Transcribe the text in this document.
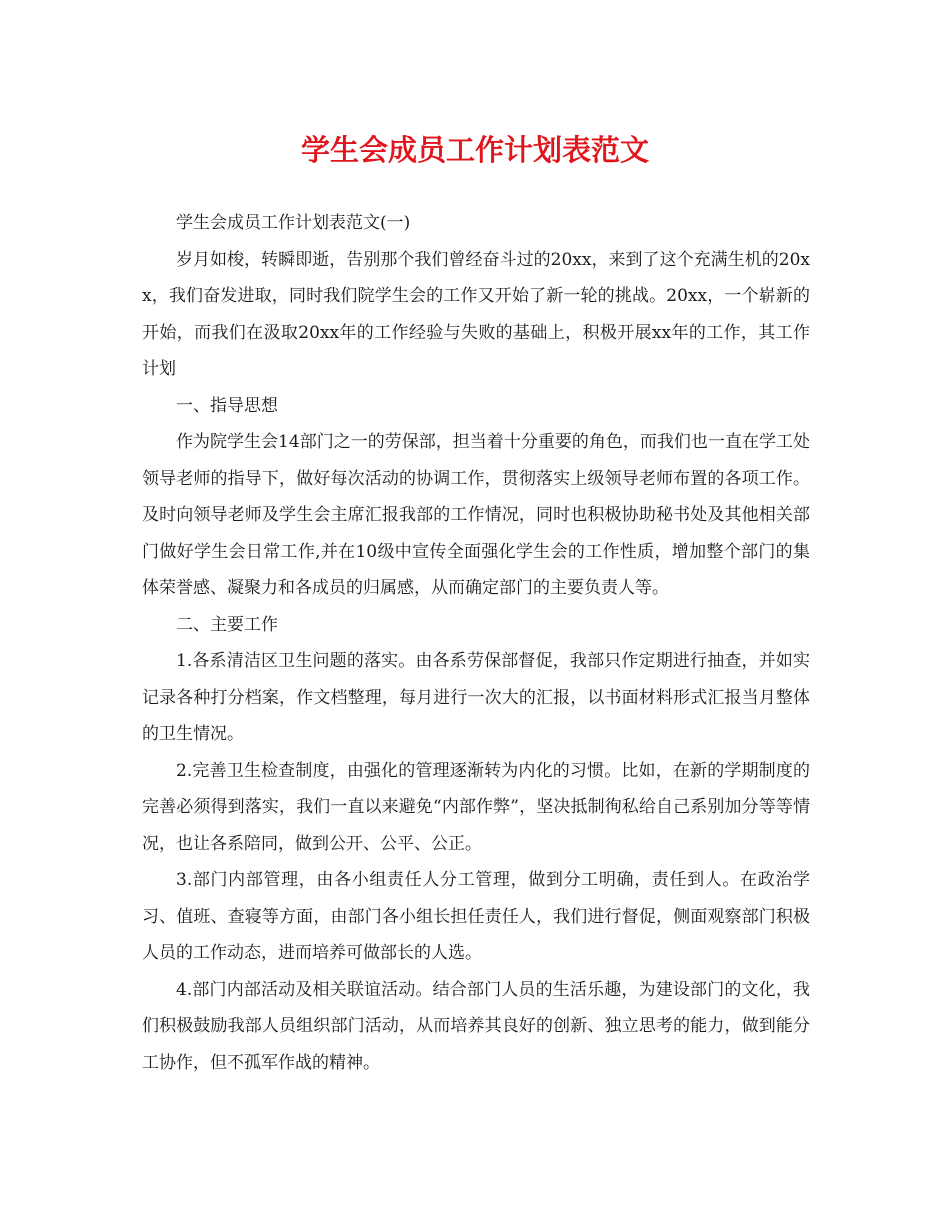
学生会成员工作计划表范文

学生会成员工作计划表范文(一)

岁月如梭，转瞬即逝，告别那个我们曾经奋斗过的20xx，来到了这个充满生机的20xx，我们奋发进取，同时我们院学生会的工作又开始了新一轮的挑战。20xx，一个崭新的开始，而我们在汲取20xx年的工作经验与失败的基础上，积极开展xx年的工作，其工作计划

一、指导思想

作为院学生会14部门之一的劳保部，担当着十分重要的角色，而我们也一直在学工处领导老师的指导下，做好每次活动的协调工作，贯彻落实上级领导老师布置的各项工作。及时向领导老师及学生会主席汇报我部的工作情况，同时也积极协助秘书处及其他相关部门做好学生会日常工作,并在10级中宣传全面强化学生会的工作性质，增加整个部门的集体荣誉感、凝聚力和各成员的归属感，从而确定部门的主要负责人等。

二、主要工作

1.各系清洁区卫生问题的落实。由各系劳保部督促，我部只作定期进行抽查，并如实记录各种打分档案，作文档整理，每月进行一次大的汇报，以书面材料形式汇报当月整体的卫生情况。

2.完善卫生检查制度，由强化的管理逐渐转为内化的习惯。比如，在新的学期制度的完善必须得到落实，我们一直以来避免“内部作弊”，坚决抵制徇私给自己系别加分等等情况，也让各系陪同，做到公开、公平、公正。

3.部门内部管理，由各小组责任人分工管理，做到分工明确，责任到人。在政治学习、值班、查寝等方面，由部门各小组长担任责任人，我们进行督促，侧面观察部门积极人员的工作动态，进而培养可做部长的人选。

4.部门内部活动及相关联谊活动。结合部门人员的生活乐趣，为建设部门的文化，我们积极鼓励我部人员组织部门活动，从而培养其良好的创新、独立思考的能力，做到能分工协作，但不孤军作战的精神。
